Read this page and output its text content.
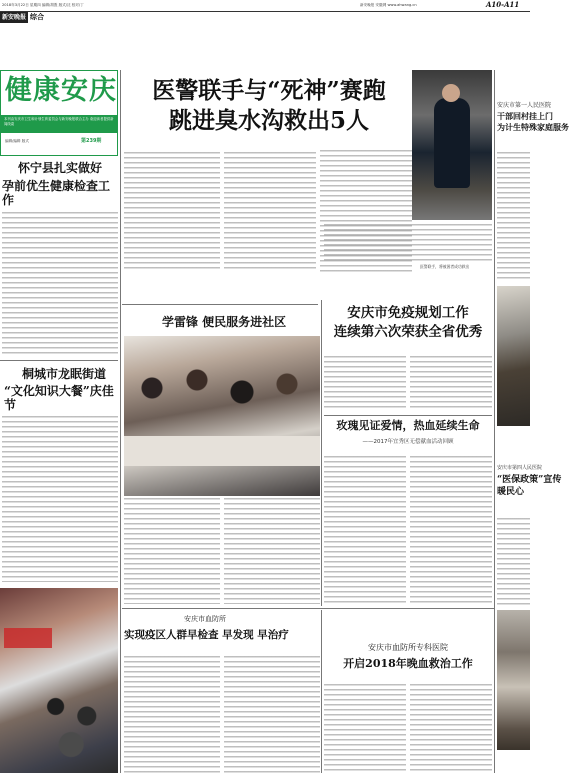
2018年3月22日 星期四 编辑/胡胜 版式/沈 校对/丁	新安晚报 安徽网 www.ahwang.cn	A10-A11
新安晚报 综合
健康安庆
本刊由安庆市卫生和计划生育委员会与新安晚报联合主办 欢迎读者提供新闻线索
编辑/编辑 版式	第239期
怀宁县扎实做好
孕前优生健康检查工作
桐城市龙眠街道
“文化知识大餐”庆佳节
医警联手与“死神”赛跑
跳进臭水沟救出5人
医警联手，将被困者成功救出
安庆市第一人民医院
干部回村挂上门
为计生特殊家庭服务
安庆市第四人民医院
“医保政策”宣传
暖民心
学雷锋 便民服务进社区
安庆市免疫规划工作
连续第六次荣获全省优秀
玫瑰见证爱情，热血延续生命
——2017年宜秀区无偿献血活动回顾
安庆市血防所
实现疫区人群早检查 早发现 早治疗
安庆市血防所专科医院
开启2018年晚血救治工作
